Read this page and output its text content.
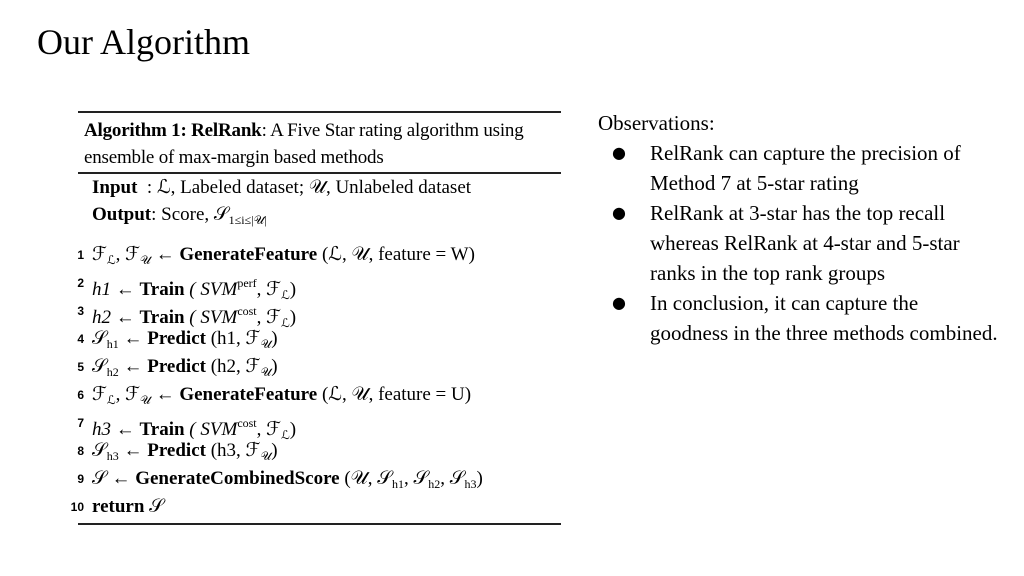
Our Algorithm
Algorithm 1: RelRank: A Five Star rating algorithm using ensemble of max-margin based methods
Input  : ℒ, Labeled dataset; 𝒰, Unlabeled dataset
Output: Score, 𝒮$_{1\le i\le|𝒰|}$
1 ℱ$_ℒ$, ℱ$_𝒰$ ← GenerateFeature (ℒ, 𝒰, feature = W)
2 h1 ← Train ( $SVM^{perf}$, ℱ$_ℒ$)
3 h2 ← Train ( $SVM^{cost}$, ℱ$_ℒ$)
4 𝒮$_{h1}$ ← Predict (h1, ℱ$_𝒰$)
5 𝒮$_{h2}$ ← Predict (h2, ℱ$_𝒰$)
6 ℱ$_ℒ$, ℱ$_𝒰$ ← GenerateFeature (ℒ, 𝒰, feature = U)
7 h3 ← Train ( $SVM^{cost}$, ℱ$_ℒ$)
8 𝒮$_{h3}$ ← Predict (h3, ℱ$_𝒰$)
9 𝒮 ← GenerateCombinedScore (𝒰, 𝒮$_{h1}$, 𝒮$_{h2}$, 𝒮$_{h3}$)
10 return 𝒮
Observations:
● RelRank can capture the precision of Method 7 at 5-star rating
● RelRank at 3-star has the top recall whereas RelRank at 4-star and 5-star ranks in the top rank groups
● In conclusion, it can capture the goodness in the three methods combined.
